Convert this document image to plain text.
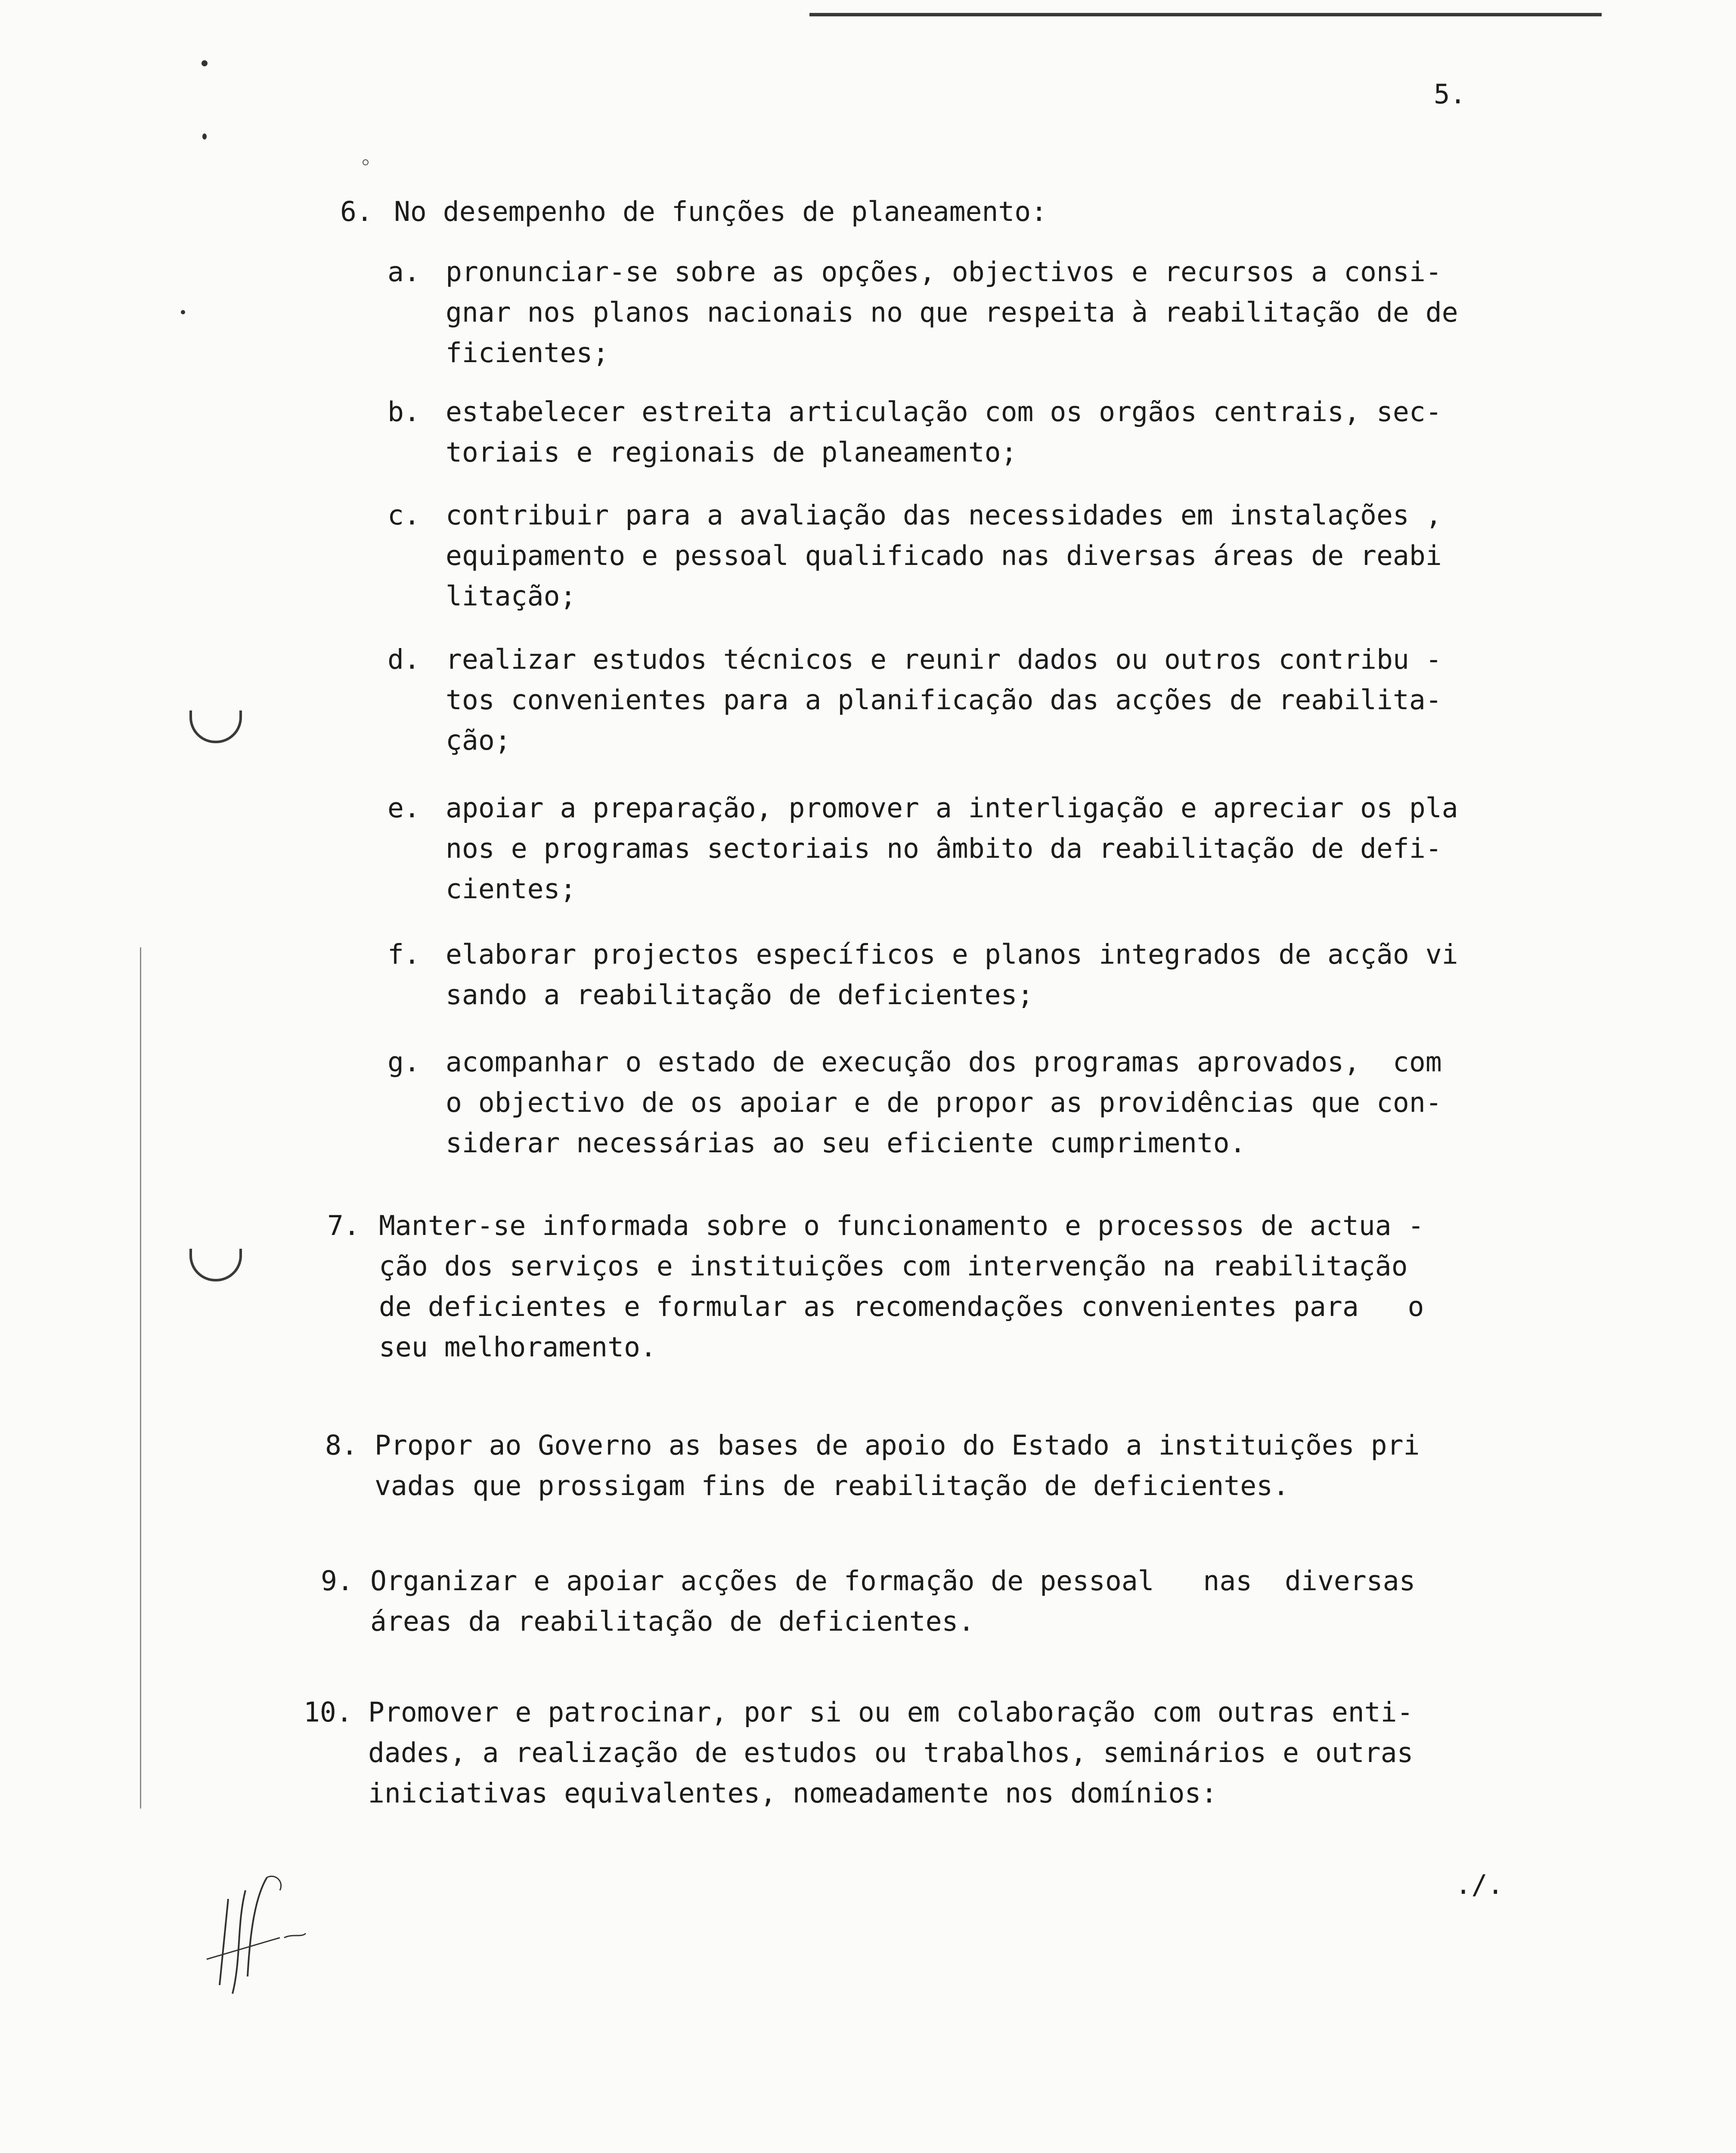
5.
6. No desempenho de funções de planeamento:
a. pronunciar-se sobre as opções, objectivos e recursos a consi-
gnar nos planos nacionais no que respeita à reabilitação de de
ficientes;
b. estabelecer estreita articulação com os orgãos centrais, sec-
toriais e regionais de planeamento;
c. contribuir para a avaliação das necessidades em instalações ,
equipamento e pessoal qualificado nas diversas áreas de reabi
litação;
d. realizar estudos técnicos e reunir dados ou outros contribu -
tos convenientes para a planificação das acções de reabilita-
ção;
e. apoiar a preparação, promover a interligação e apreciar os pla
nos e programas sectoriais no âmbito da reabilitação de defi-
cientes;
f. elaborar projectos específicos e planos integrados de acção vi
sando a reabilitação de deficientes;
g. acompanhar o estado de execução dos programas aprovados,  com
o objectivo de os apoiar e de propor as providências que con-
siderar necessárias ao seu eficiente cumprimento.
7. Manter-se informada sobre o funcionamento e processos de actua -
ção dos serviços e instituições com intervenção na reabilitação
de deficientes e formular as recomendações convenientes para   o
seu melhoramento.
8. Propor ao Governo as bases de apoio do Estado a instituições pri
vadas que prossigam fins de reabilitação de deficientes.
9. Organizar e apoiar acções de formação de pessoal   nas  diversas
áreas da reabilitação de deficientes.
10. Promover e patrocinar, por si ou em colaboração com outras enti-
dades, a realização de estudos ou trabalhos, seminários e outras
iniciativas equivalentes, nomeadamente nos domínios:
./.
